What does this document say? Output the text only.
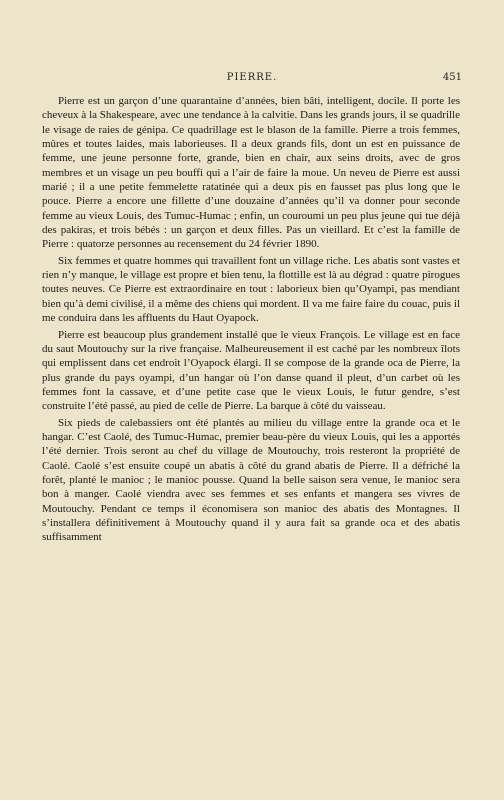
PIERRE.	451

Pierre est un garçon d’une quarantaine d’années, bien bâti, intelligent, docile. Il porte les cheveux à la Shakespeare, avec une tendance à la calvitie. Dans les grands jours, il se quadrille le visage de raies de génipa. Ce quadrillage est le blason de la famille. Pierre a trois femmes, mûres et toutes laides, mais laborieuses. Il a deux grands fils, dont un est en puissance de femme, une jeune personne forte, grande, bien en chair, aux seins droits, avec de gros membres et un visage un peu bouffi qui a l’air de faire la moue. Un neveu de Pierre est aussi marié ; il a une petite femmelette ratatinée qui a deux pis en fausset pas plus long que le pouce. Pierre a encore une fillette d’une douzaine d’années qu’il va donner pour seconde femme au vieux Louis, des Tumuc-Humac ; enfin, un couroumi un peu plus jeune qui tue déjà des pakiras, et trois bébés : un garçon et deux filles. Pas un vieillard. Et c’est la famille de Pierre : quatorze personnes au recensement du 24 février 1890.

Six femmes et quatre hommes qui travaillent font un village riche. Les abatis sont vastes et rien n’y manque, le village est propre et bien tenu, la flottille est là au dégrad : quatre pirogues toutes neuves. Ce Pierre est extraordinaire en tout : laborieux bien qu’Oyampi, pas mendiant bien qu’à demi civilisé, il a même des chiens qui mordent. Il va me faire faire du couac, puis il me conduira dans les affluents du Haut Oyapock.

Pierre est beaucoup plus grandement installé que le vieux François. Le village est en face du saut Moutouchy sur la rive française. Malheureusement il est caché par les nombreux îlots qui emplissent dans cet endroit l’Oyapock élargi. Il se compose de la grande oca de Pierre, la plus grande du pays oyampi, d’un hangar où l’on danse quand il pleut, d’un carbet où les femmes font la cassave, et d’une petite case que le vieux Louis, le futur gendre, s’est construite l’été passé, au pied de celle de Pierre. La barque à côté du vaisseau.

Six pieds de calebassiers ont été plantés au milieu du village entre la grande oca et le hangar. C’est Caolé, des Tumuc-Humac, premier beau-père du vieux Louis, qui les a apportés l’été dernier. Trois seront au chef du village de Moutouchy, trois resteront la propriété de Caolé. Caolé s’est ensuite coupé un abatis à côté du grand abatis de Pierre. Il a défriché la forêt, planté le manioc ; le manioc pousse. Quand la belle saison sera venue, le manioc sera bon à manger. Caolé viendra avec ses femmes et ses enfants et mangera ses vivres de Moutouchy. Pendant ce temps il économisera son manioc des abatis des Montagnes. Il s’installera définitivement à Moutouchy quand il y aura fait sa grande oca et des abatis suffisamment
